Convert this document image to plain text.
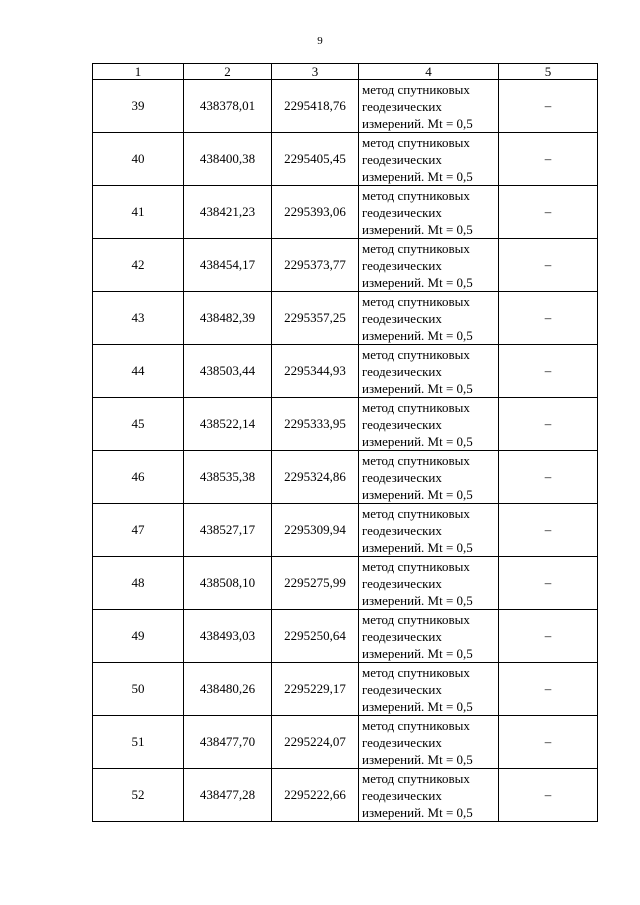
9
1	2	3	4	5
39	438378,01	2295418,76	метод спутниковых
геодезических
измерений. Mt = 0,5	–
40	438400,38	2295405,45	метод спутниковых
геодезических
измерений. Mt = 0,5	–
41	438421,23	2295393,06	метод спутниковых
геодезических
измерений. Mt = 0,5	–
42	438454,17	2295373,77	метод спутниковых
геодезических
измерений. Mt = 0,5	–
43	438482,39	2295357,25	метод спутниковых
геодезических
измерений. Mt = 0,5	–
44	438503,44	2295344,93	метод спутниковых
геодезических
измерений. Mt = 0,5	–
45	438522,14	2295333,95	метод спутниковых
геодезических
измерений. Mt = 0,5	–
46	438535,38	2295324,86	метод спутниковых
геодезических
измерений. Mt = 0,5	–
47	438527,17	2295309,94	метод спутниковых
геодезических
измерений. Mt = 0,5	–
48	438508,10	2295275,99	метод спутниковых
геодезических
измерений. Mt = 0,5	–
49	438493,03	2295250,64	метод спутниковых
геодезических
измерений. Mt = 0,5	–
50	438480,26	2295229,17	метод спутниковых
геодезических
измерений. Mt = 0,5	–
51	438477,70	2295224,07	метод спутниковых
геодезических
измерений. Mt = 0,5	–
52	438477,28	2295222,66	метод спутниковых
геодезических
измерений. Mt = 0,5	–
